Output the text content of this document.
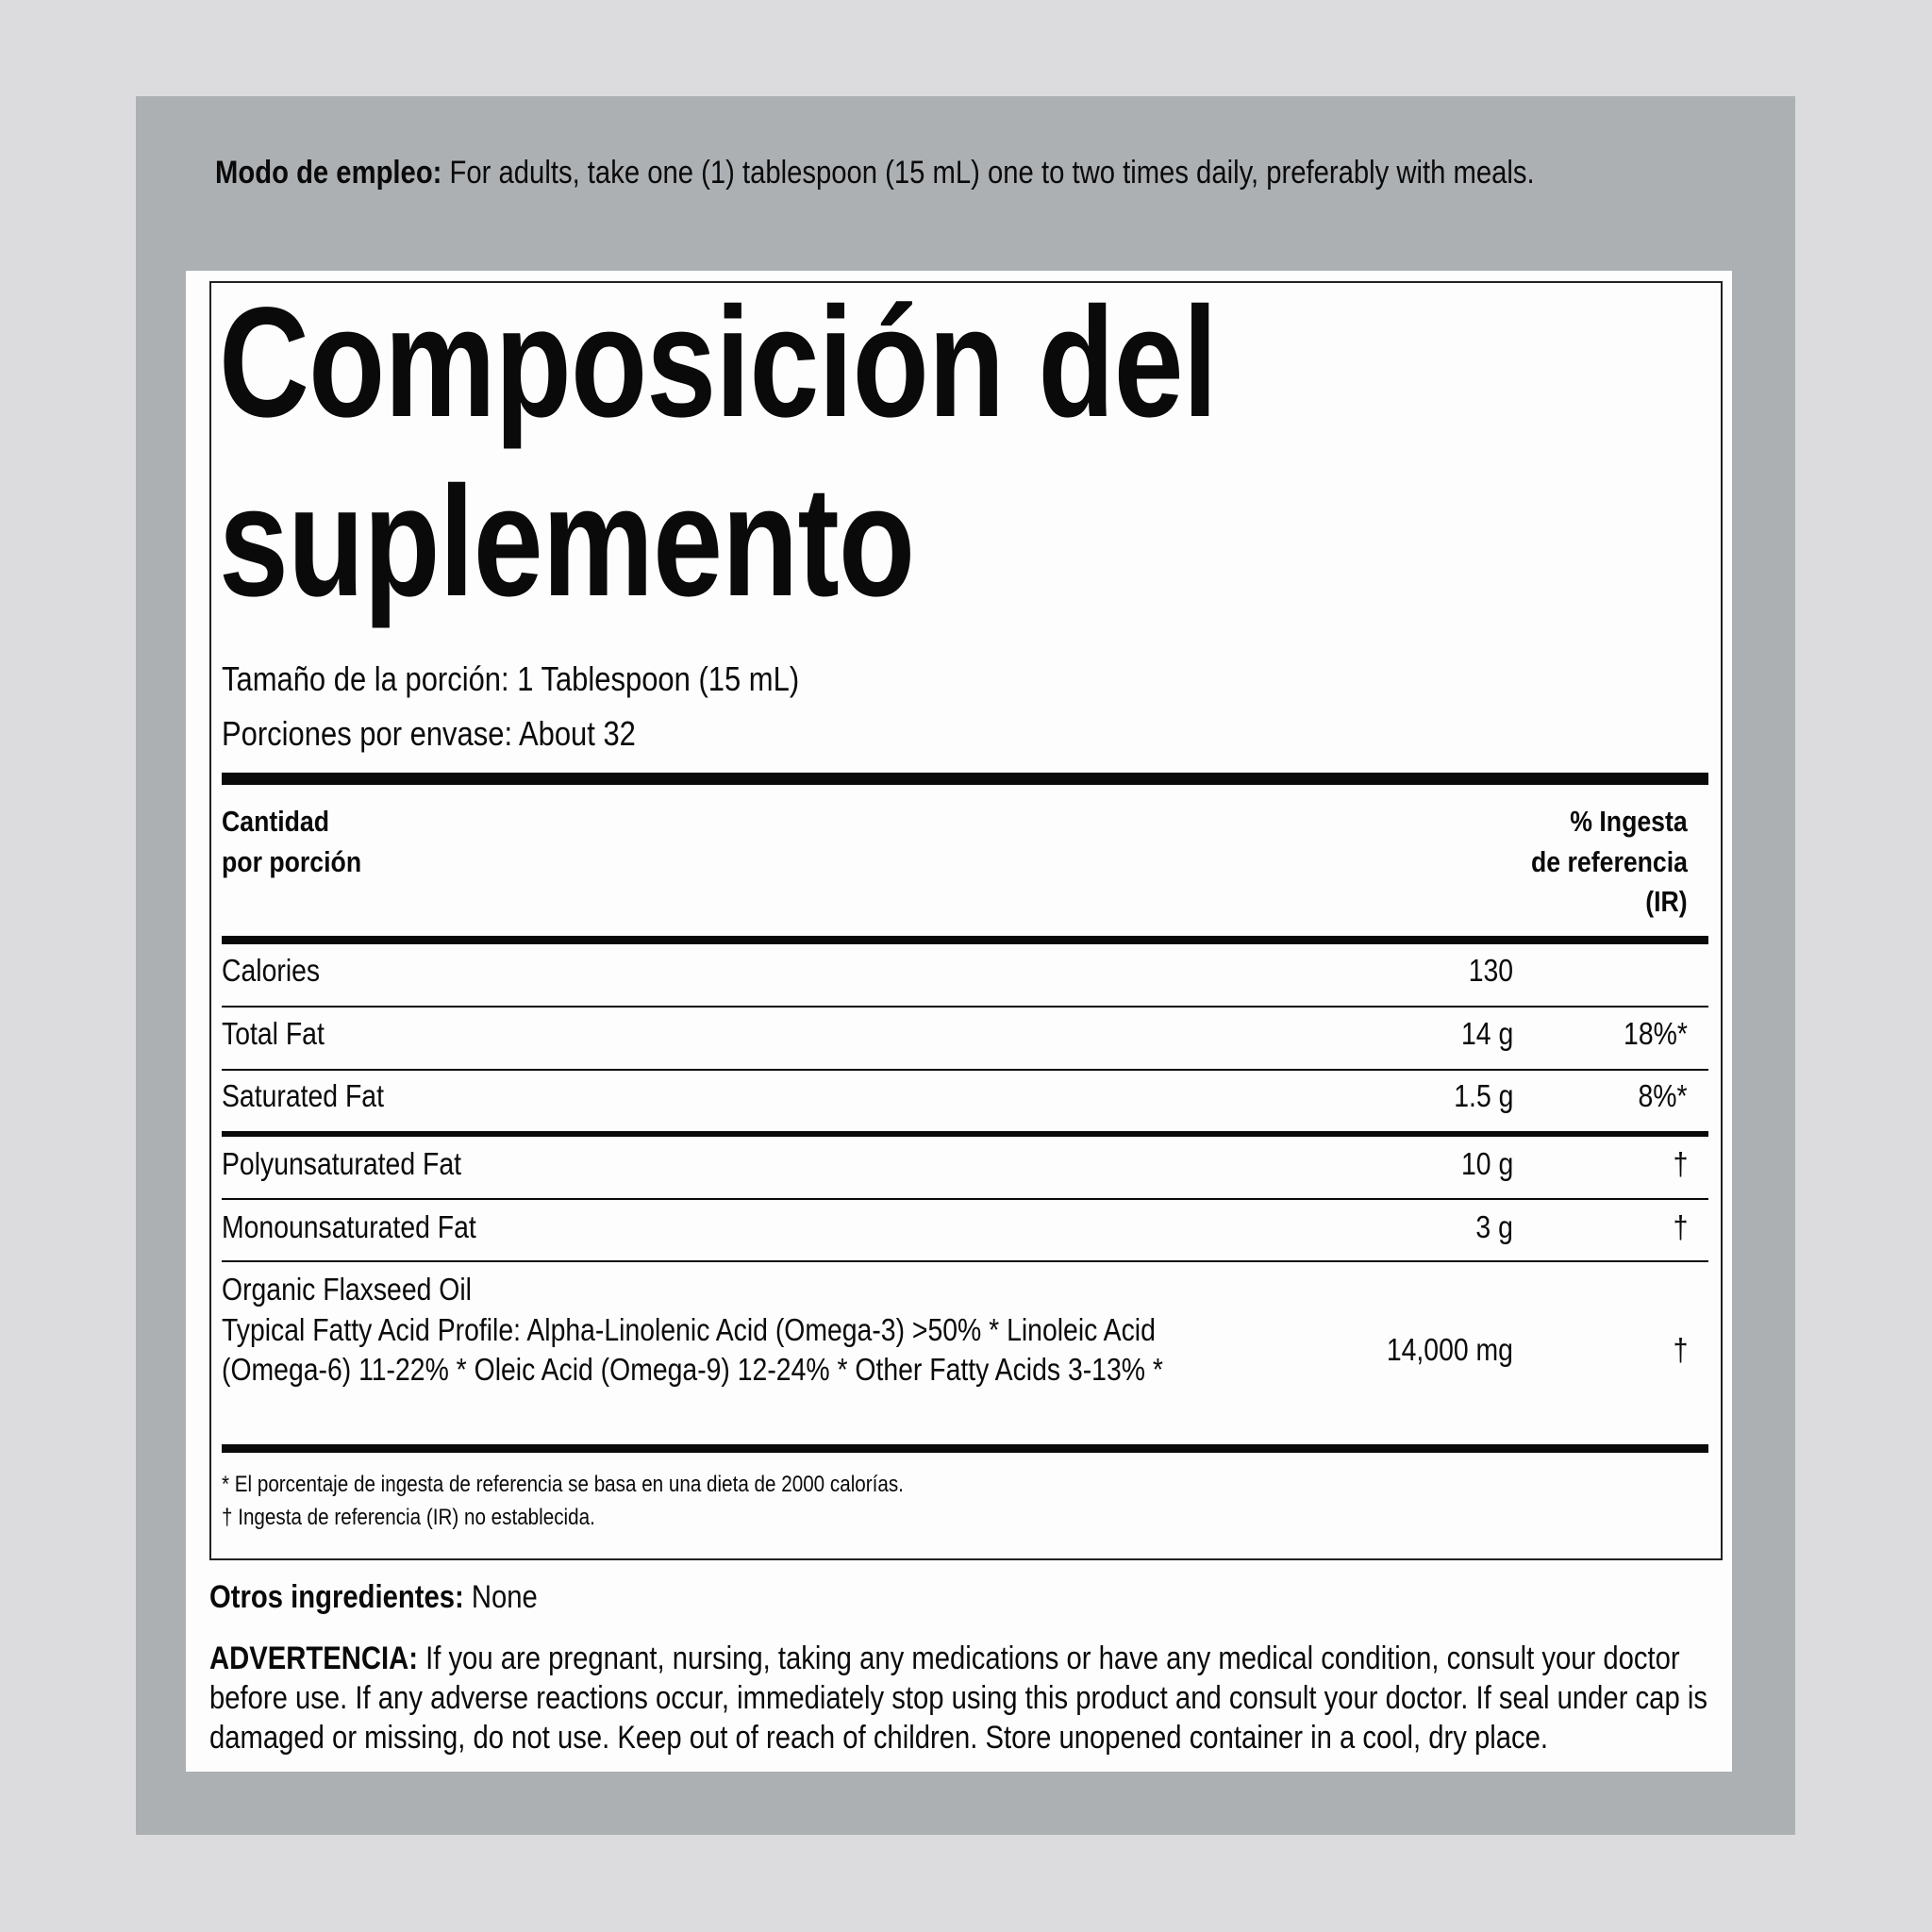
Modo de empleo: For adults, take one (1) tablespoon (15 mL) one to two times daily, preferably with meals.
Composición del
suplemento
Tamaño de la porción: 1 Tablespoon (15 mL)
Porciones por envase: About 32
Cantidad
por porción
% Ingesta
de referencia
(IR)
Calories	130
Total Fat	14 g	18%*
Saturated Fat	1.5 g	8%*
Polyunsaturated Fat	10 g	†
Monounsaturated Fat	3 g	†
Organic Flaxseed Oil
Typical Fatty Acid Profile: Alpha-Linolenic Acid (Omega-3) >50% * Linoleic Acid (Omega-6) 11-22% * Oleic Acid (Omega-9) 12-24% * Other Fatty Acids 3-13% *
14,000 mg	†
* El porcentaje de ingesta de referencia se basa en una dieta de 2000 calorías.
† Ingesta de referencia (IR) no establecida.
Otros ingredientes: None
ADVERTENCIA: If you are pregnant, nursing, taking any medications or have any medical condition, consult your doctor before use. If any adverse reactions occur, immediately stop using this product and consult your doctor. If seal under cap is damaged or missing, do not use. Keep out of reach of children. Store unopened container in a cool, dry place.
